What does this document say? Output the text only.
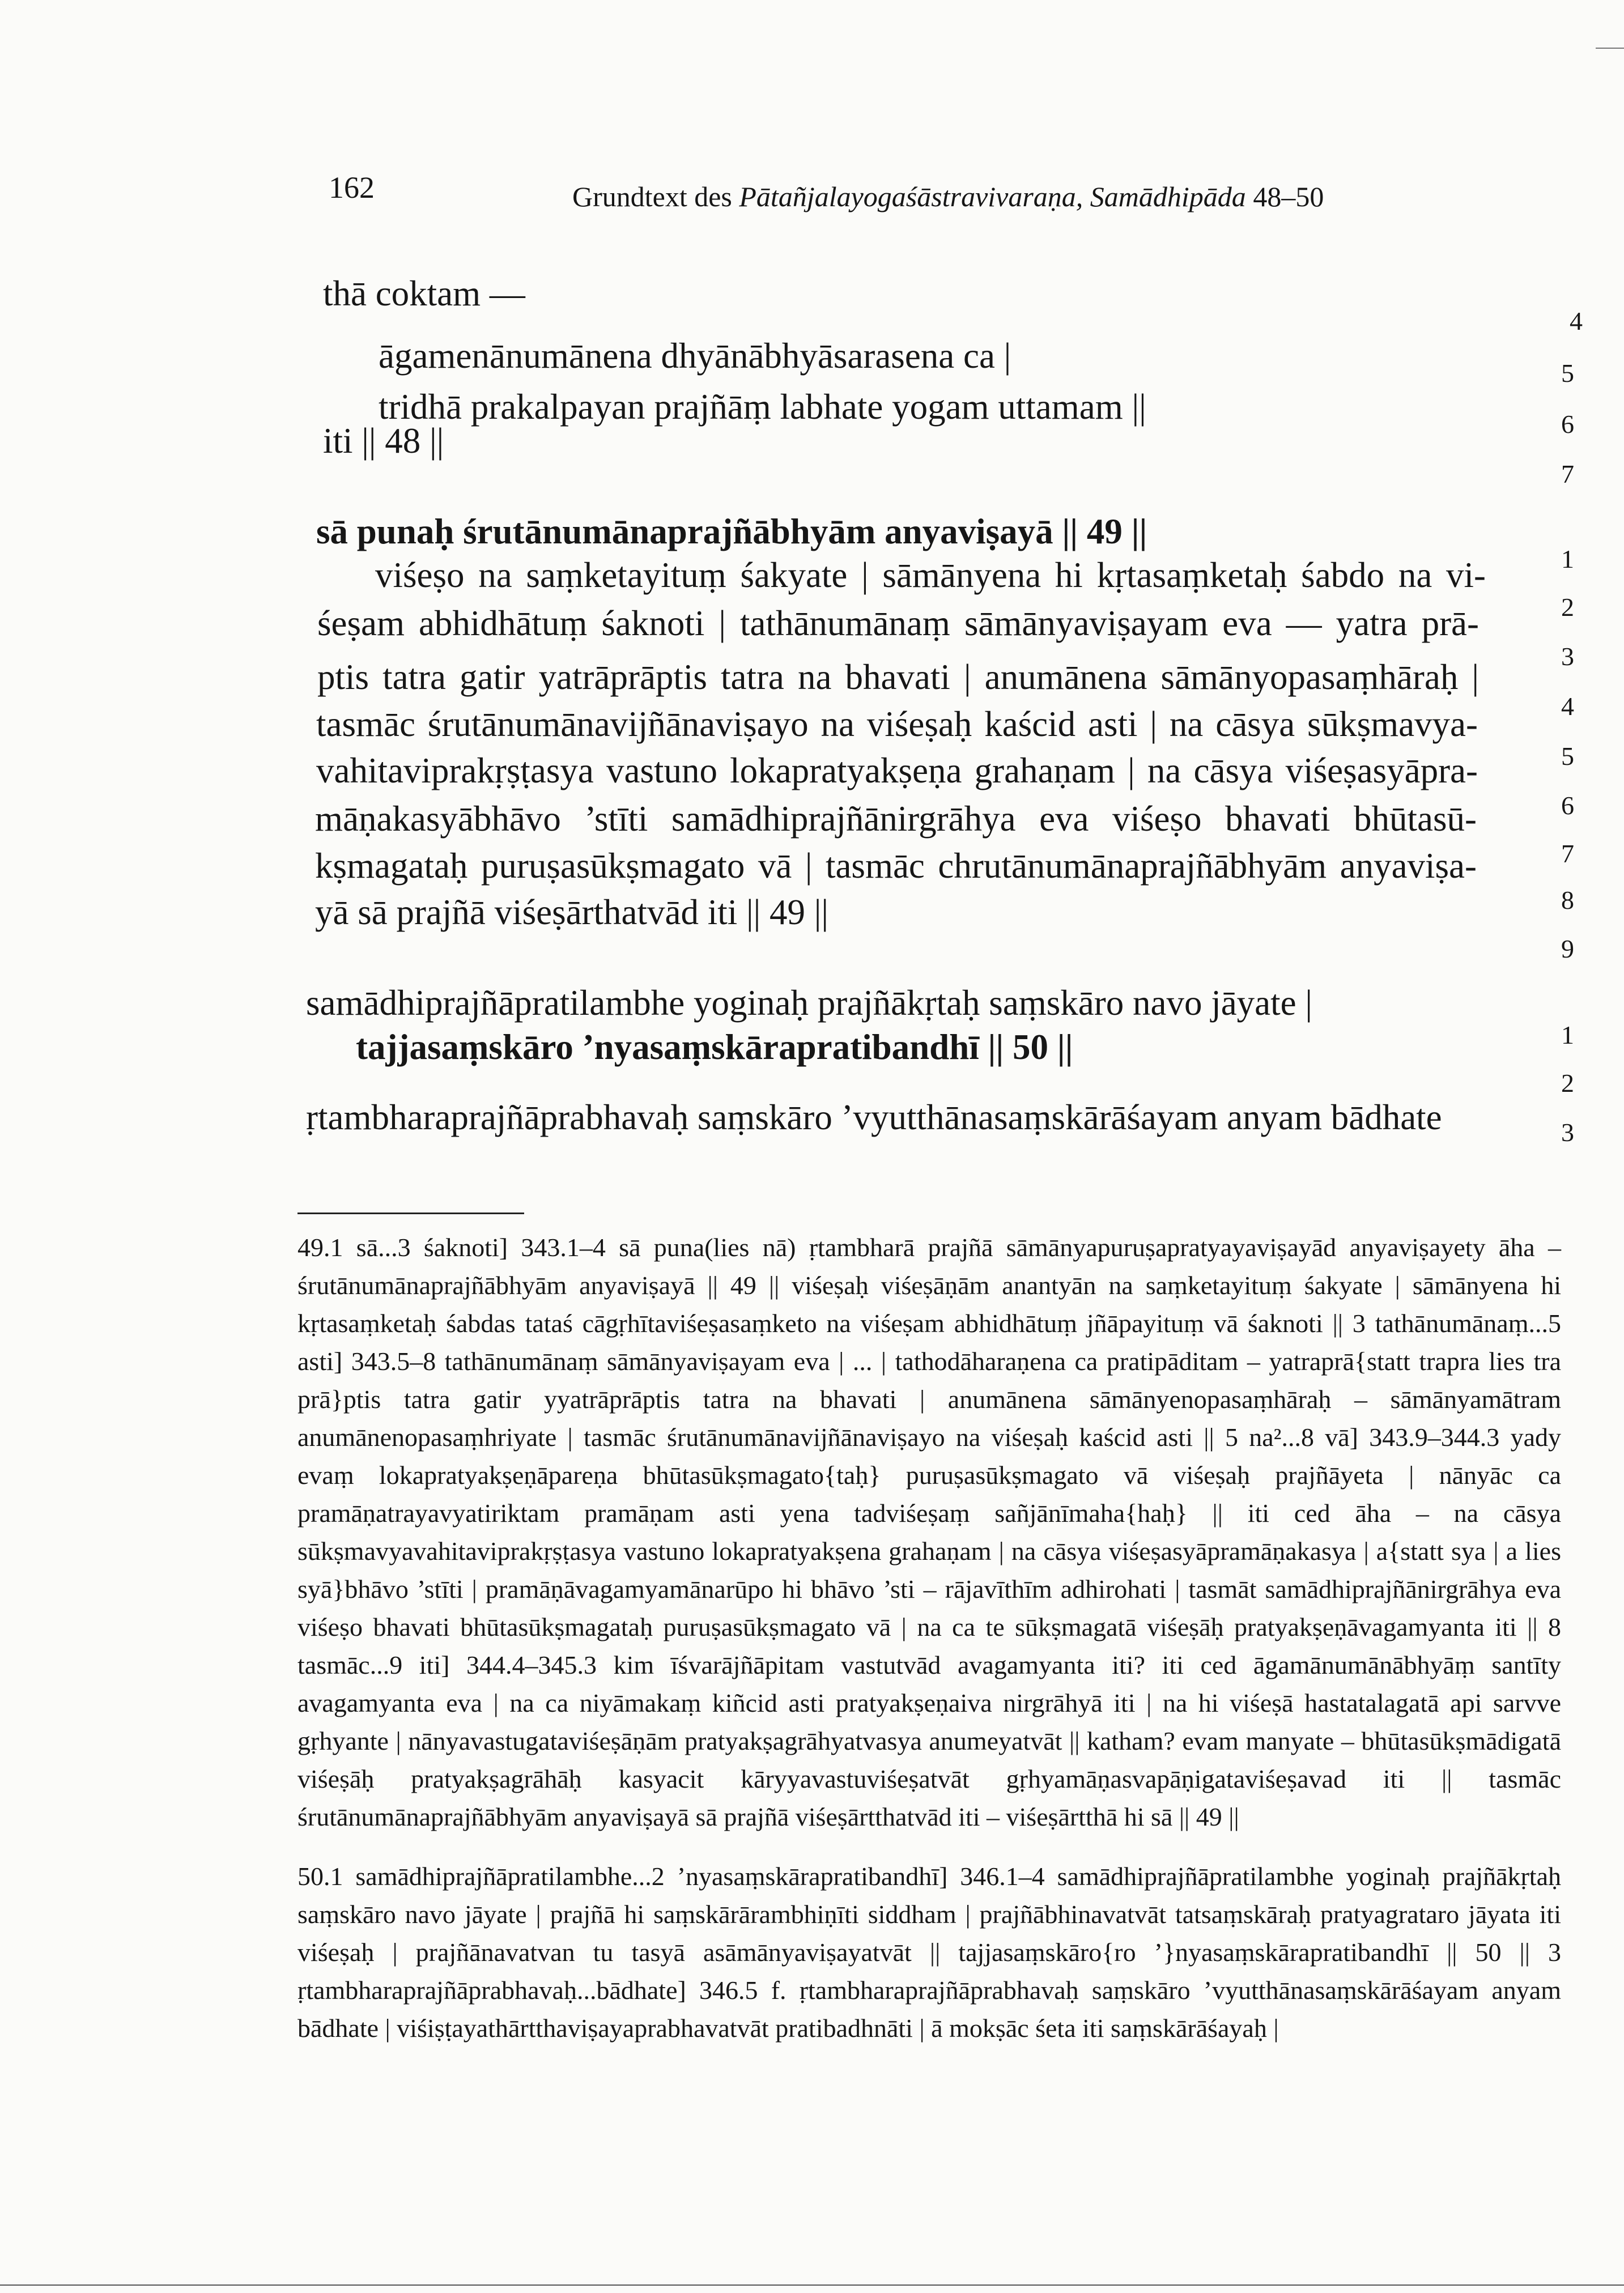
162	Grundtext des Pātañjalayogaśāstravivaraṇa, Samādhipāda 48–50
thā coktam —
āgamenānumānena dhyānābhyāsarasena ca |
tridhā prakalpayan prajñāṃ labhate yogam uttamam ||
iti || 48 ||
sā punaḥ śrutānumānaprajñābhyām anyaviṣayā || 49 ||
viśeṣo na saṃketayituṃ śakyate | sāmānyena hi kṛtasaṃketaḥ śabdo na vi-
śeṣam abhidhātuṃ śaknoti | tathānumānaṃ sāmānyaviṣayam eva — yatra prā-
ptis tatra gatir yatrāprāptis tatra na bhavati | anumānena sāmānyopasaṃhāraḥ |
tasmāc śrutānumānavijñānaviṣayo na viśeṣaḥ kaścid asti | na cāsya sūkṣmavya-
vahitaviprakṛṣṭasya vastuno lokapratyakṣeṇa grahaṇam | na cāsya viśeṣasyāpra-
māṇakasyābhāvo ’stīti samādhiprajñānirgrāhya eva viśeṣo bhavati bhūtasū-
kṣmagataḥ puruṣasūkṣmagato vā | tasmāc chrutānumānaprajñābhyām anyaviṣa-
yā sā prajñā viśeṣārthatvād iti || 49 ||
samādhiprajñāpratilambhe yoginaḥ prajñākṛtaḥ saṃskāro navo jāyate |
tajjasaṃskāro ’nyasaṃskārapratibandhī || 50 ||
ṛtambharaprajñāprabhavaḥ saṃskāro ’vyutthānasaṃskārāśayam anyam bādhate
4
5
6
7
1
2
3
4
5
6
7
8
9
1
2
3
49.1 sā...3 śaknoti] 343.1–4 sā puna(lies nā) ṛtambharā prajñā sāmānyapuruṣapratyayaviṣayād anyaviṣayety āha – śrutānumānaprajñābhyām anyaviṣayā || 49 || viśeṣaḥ viśeṣāṇām anantyān na saṃketayituṃ śakyate | sāmānyena hi kṛtasaṃketaḥ śabdas tataś cāgṛhītaviśeṣasaṃketo na viśeṣam abhidhātuṃ jñāpayituṃ vā śaknoti || 3 tathānumānaṃ...5 asti] 343.5–8 tathānumānaṃ sāmānyaviṣayam eva | ... | tathodāharaṇena ca pratipāditam – yatraprā{statt trapra lies tra prā}ptis tatra gatir yyatrāprāptis tatra na bhavati | anumānena sāmānyenopasaṃhāraḥ – sāmānyamātram anumānenopasaṃhriyate | tasmāc śrutānumānavijñānaviṣayo na viśeṣaḥ kaścid asti || 5 na²...8 vā] 343.9–344.3 yady evaṃ lokapratyakṣeṇāpareṇa bhūtasūkṣmagato{taḥ} puruṣasūkṣmagato vā viśeṣaḥ prajñāyeta | nānyāc ca pramāṇatrayavyatiriktam pramāṇam asti yena tadviśeṣaṃ sañjānīmaha{haḥ} || iti ced āha – na cāsya sūkṣmavyavahitaviprakṛṣṭasya vastuno lokapratyakṣena grahaṇam | na cāsya viśeṣasyāpramāṇakasya | a{statt sya | a lies syā}bhāvo ’stīti | pramāṇāvagamyamānarūpo hi bhāvo ’sti – rājavīthīm adhirohati | tasmāt samādhiprajñānirgrāhya eva viśeṣo bhavati bhūtasūkṣmagataḥ puruṣasūkṣmagato vā | na ca te sūkṣmagatā viśeṣāḥ pratyakṣeṇāvagamyanta iti || 8 tasmāc...9 iti] 344.4–345.3 kim īśvarājñāpitam vastutvād avagamyanta iti? iti ced āgamānumānābhyāṃ santīty avagamyanta eva | na ca niyāmakaṃ kiñcid asti pratyakṣeṇaiva nirgrāhyā iti | na hi viśeṣā hastatalagatā api sarvve gṛhyante | nānyavastugataviśeṣāṇām pratyakṣagrāhyatvasya anumeyatvāt || katham? evam manyate – bhūtasūkṣmādigatā viśeṣāḥ pratyakṣagrāhāḥ kasyacit kāryyavastuviśeṣatvāt gṛhyamāṇasvapāṇigataviśeṣavad iti || tasmāc śrutānumānaprajñābhyām anyaviṣayā sā prajñā viśeṣārtthatvād iti – viśeṣārtthā hi sā || 49 ||
50.1 samādhiprajñāpratilambhe...2 ’nyasaṃskārapratibandhī] 346.1–4 samādhiprajñāpratilambhe yoginaḥ prajñākṛtaḥ saṃskāro navo jāyate | prajñā hi saṃskārārambhiṇīti siddham | prajñābhinavatvāt tatsaṃskāraḥ pratyagrataro jāyata iti viśeṣaḥ | prajñānavatvan tu tasyā asāmānyaviṣayatvāt || tajjasaṃskāro{ro ’}nyasaṃskārapratibandhī || 50 || 3 ṛtambharaprajñāprabhavaḥ...bādhate] 346.5 f. ṛtambharaprajñāprabhavaḥ saṃskāro ’vyutthānasaṃskārāśayam anyam bādhate | viśiṣṭayathārtthaviṣayaprabhavatvāt pratibadhnāti | ā mokṣāc śeta iti saṃskārāśayaḥ |
